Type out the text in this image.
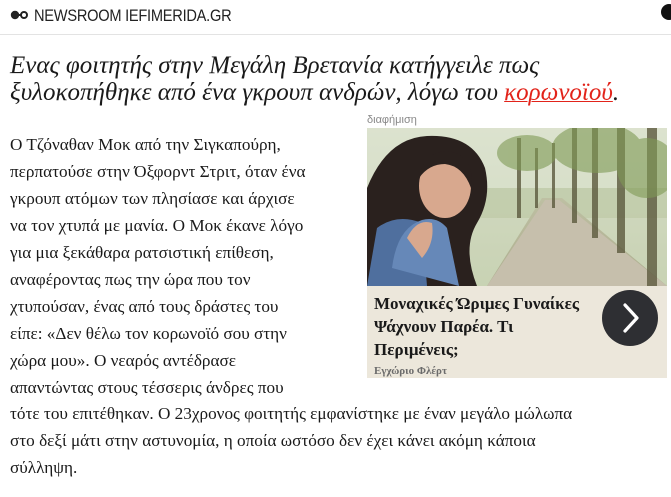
NEWSROOM IEFIMERIDA.GR
Ενας φοιτητής στην Μεγάλη Βρετανία κατήγγειλε πως ξυλοκοπήθηκε από ένα γκρουπ ανδρών, λόγω του κορωνοϊού.
Ο Τζόναθαν Μοκ από την Σιγκαπούρη,
περπατούσε στην Όξφορντ Στριτ, όταν ένα
γκρουπ ατόμων των πλησίασε και άρχισε
να τον χτυπά με μανία. Ο Μοκ έκανε λόγο
για μια ξεκάθαρα ρατσιστική επίθεση,
αναφέροντας πως την ώρα που τον
χτυπούσαν, ένας από τους δράστες του
είπε: «Δεν θέλω τον κορωνοϊό σου στην
χώρα μου». Ο νεαρός αντέδρασε
απαντώντας στους τέσσερις άνδρες που
τότε του επιτέθηκαν. Ο 23χρονος φοιτητής εμφανίστηκε με έναν μεγάλο μώλωπα
στο δεξί μάτι στην αστυνομία, η οποία ωστόσο δεν έχει κάνει ακόμη κάποια
σύλληψη.
διαφήμιση
Μοναχικές Ώριμες Γυναίκες Ψάχνουν Παρέα. Τι Περιμένεις;
Εγχώριο Φλέρτ
